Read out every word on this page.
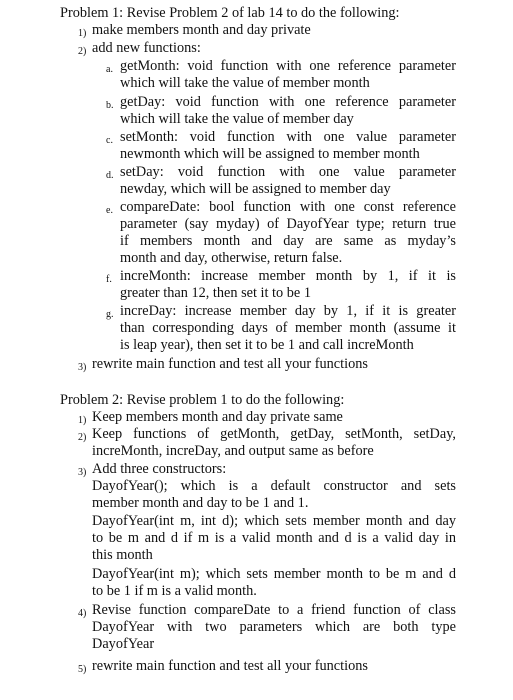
Problem 1: Revise Problem 2 of lab 14 to do the following:
1) make members month and day private
2) add new functions:
a. getMonth: void function with one reference parameter
which will take the value of member month
b. getDay: void function with one reference parameter
which will take the value of member day
c. setMonth: void function with one value parameter
newmonth which will be assigned to member month
d. setDay: void function with one value parameter
newday, which will be assigned to member day
e. compareDate: bool function with one const reference
parameter (say myday) of DayofYear type; return true
if members month and day are same as myday’s
month and day, otherwise, return false.
f. increMonth: increase member month by 1, if it is
greater than 12, then set it to be 1
g. increDay: increase member day by 1, if it is greater
than corresponding days of member month (assume it
is leap year), then set it to be 1 and call increMonth
3) rewrite main function and test all your functions
Problem 2: Revise problem 1 to do the following:
1) Keep members month and day private same
2) Keep functions of getMonth, getDay, setMonth, setDay,
increMonth, increDay, and output same as before
3) Add three constructors:
DayofYear(); which is a default constructor and sets
member month and day to be 1 and 1.
DayofYear(int m, int d); which sets member month and day
to be m and d if m is a valid month and d is a valid day in
this month
DayofYear(int m); which sets member month to be m and d
to be 1 if m is a valid month.
4) Revise function compareDate to a friend function of class
DayofYear with two parameters which are both type
DayofYear
5) rewrite main function and test all your functions
